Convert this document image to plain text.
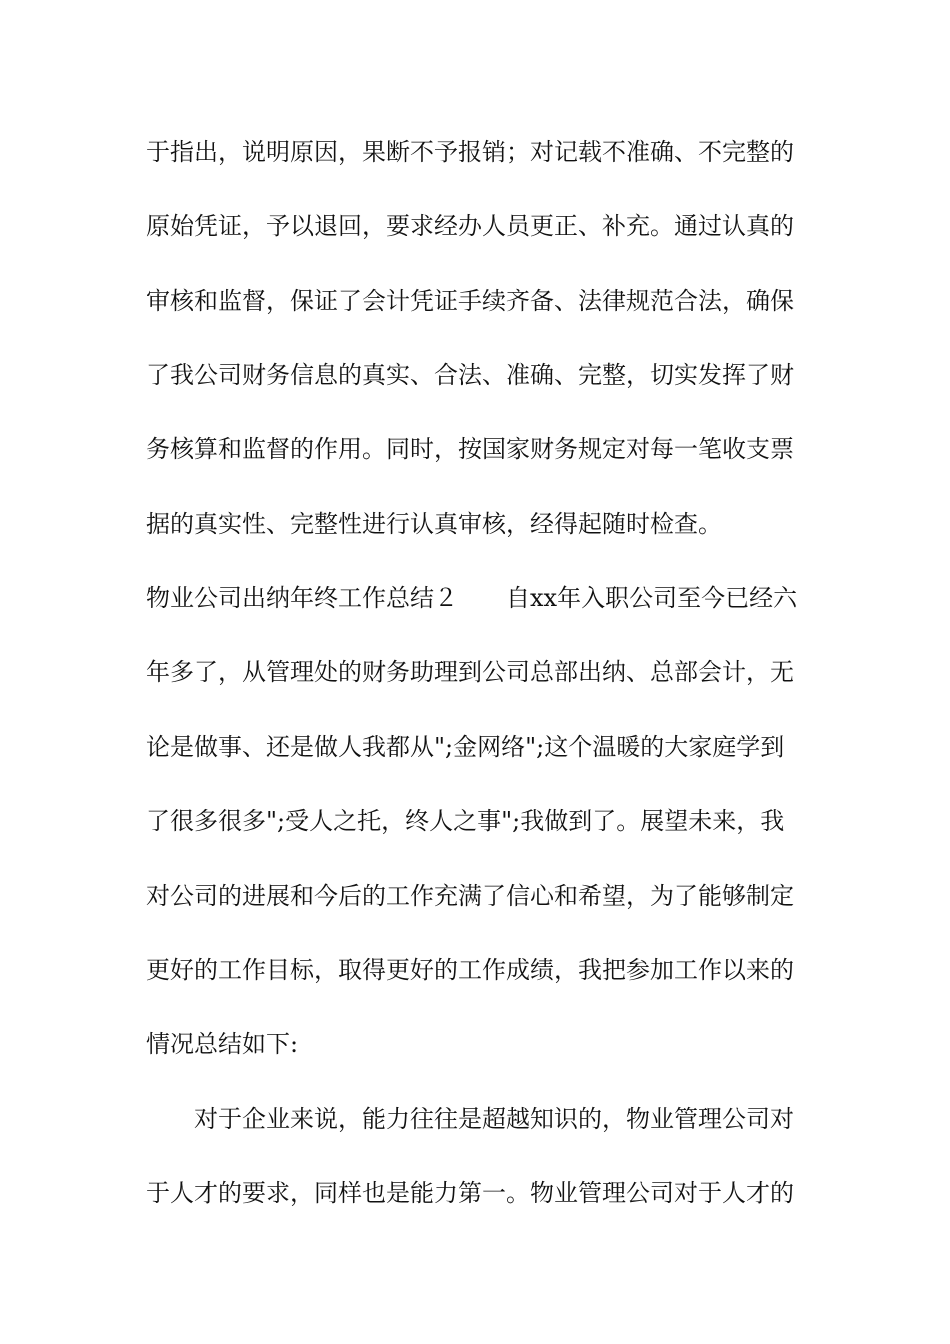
于指出，说明原因，果断不予报销；对记载不准确、不完整的
原始凭证，予以退回，要求经办人员更正、补充。通过认真的
审核和监督，保证了会计凭证手续齐备、法律规范合法，确保
了我公司财务信息的真实、合法、准确、完整，切实发挥了财
务核算和监督的作用。同时，按国家财务规定对每一笔收支票
据的真实性、完整性进行认真审核，经得起随时检查。
物业公司出纳年终工作总结２　　自xx年入职公司至今已经六
年多了，从管理处的财务助理到公司总部出纳、总部会计，无
论是做事、还是做人我都从";金网络";这个温暖的大家庭学到
了很多很多";受人之托，终人之事";我做到了。展望未来，我
对公司的进展和今后的工作充满了信心和希望，为了能够制定
更好的工作目标，取得更好的工作成绩，我把参加工作以来的
情况总结如下:
对于企业来说，能力往往是超越知识的，物业管理公司对
于人才的要求，同样也是能力第一。物业管理公司对于人才的
